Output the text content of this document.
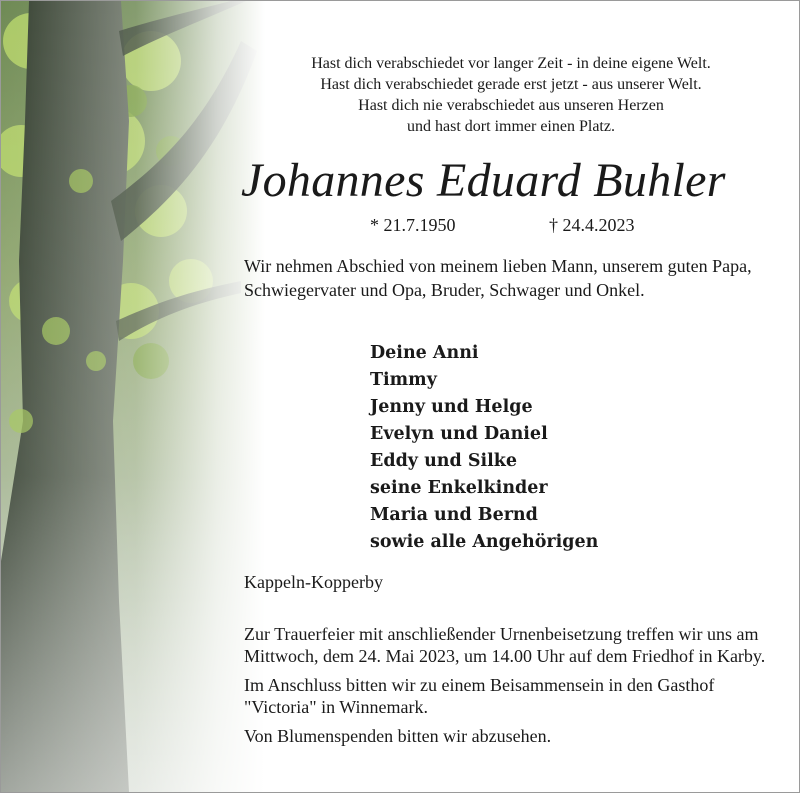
Hast dich verabschiedet vor langer Zeit - in deine eigene Welt.
Hast dich verabschiedet gerade erst jetzt - aus unserer Welt.
Hast dich nie verabschiedet aus unseren Herzen
und hast dort immer einen Platz.
Johannes Eduard Buhler
* 21.7.1950	† 24.4.2023
Wir nehmen Abschied von meinem lieben Mann, unserem guten Papa, Schwiegervater und Opa, Bruder, Schwager und Onkel.
Deine Anni
Timmy
Jenny und Helge
Evelyn und Daniel
Eddy und Silke
seine Enkelkinder
Maria und Bernd
sowie alle Angehörigen
Kappeln-Kopperby

Zur Trauerfeier mit anschließender Urnenbeisetzung treffen wir uns am Mittwoch, dem 24. Mai 2023, um 14.00 Uhr auf dem Friedhof in Karby.

Im Anschluss bitten wir zu einem Beisammensein in den Gasthof "Victoria" in Winnemark.

Von Blumenspenden bitten wir abzusehen.
